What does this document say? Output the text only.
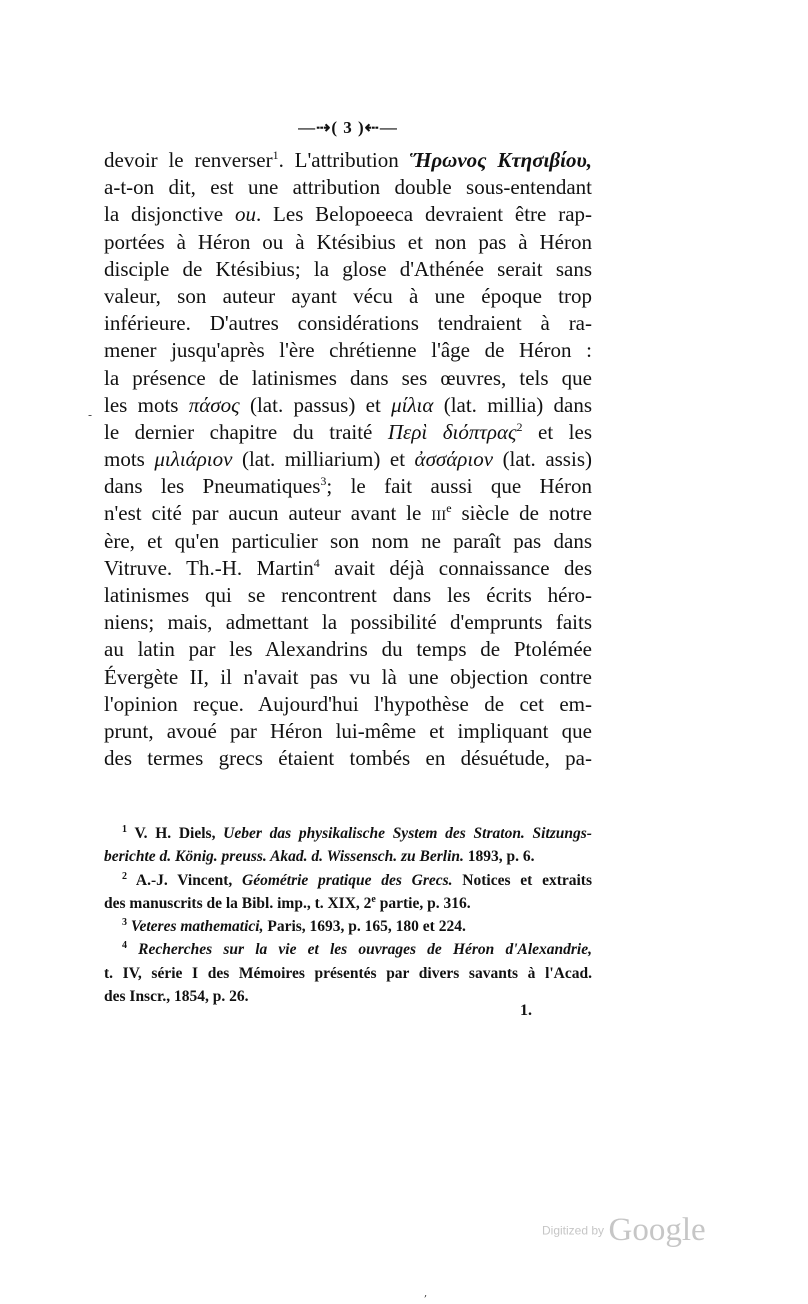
—⇢( 3 )⇠—
-
devoir le renverser$^1$. L'attribution Ἥρωνος Κτησιβίου,
a-t-on dit, est une attribution double sous-entendant
la disjonctive ou. Les Belopoeeca devraient être rap-
portées à Héron ou à Ktésibius et non pas à Héron
disciple de Ktésibius; la glose d'Athénée serait sans
valeur, son auteur ayant vécu à une époque trop
inférieure. D'autres considérations tendraient à ra-
mener jusqu'après l'ère chrétienne l'âge de Héron :
la présence de latinismes dans ses œuvres, tels que
les mots πάσος (lat. passus) et μίλια (lat. millia) dans
le dernier chapitre du traité Περὶ διόπτρας$^2$ et les
mots μιλιάριον (lat. milliarium) et ἀσσάριον (lat. assis)
dans les Pneumatiques$^3$; le fait aussi que Héron
n'est cité par aucun auteur avant le iii$^e$ siècle de notre
ère, et qu'en particulier son nom ne paraît pas dans
Vitruve. Th.-H. Martin$^4$ avait déjà connaissance des
latinismes qui se rencontrent dans les écrits héro-
niens; mais, admettant la possibilité d'emprunts faits
au latin par les Alexandrins du temps de Ptolémée
Évergète II, il n'avait pas vu là une objection contre
l'opinion reçue. Aujourd'hui l'hypothèse de cet em-
prunt, avoué par Héron lui-même et impliquant que
des termes grecs étaient tombés en désuétude, pa-
$^1$ V. H. Diels, Ueber das physikalische System des Straton. Sitzungs-
berichte d. König. preuss. Akad. d. Wissensch. zu Berlin. 1893, p. 6.
$^2$ A.-J. Vincent, Géométrie pratique des Grecs. Notices et extraits
des manuscrits de la Bibl. imp., t. XIX, 2e partie, p. 316.
$^3$ Veteres mathematici, Paris, 1693, p. 165, 180 et 224.
$^4$ Recherches sur la vie et les ouvrages de Héron d'Alexandrie,
t. IV, série I des Mémoires présentés par divers savants à l'Acad.
des Inscr., 1854, p. 26.
1.
Digitized by Google
,
